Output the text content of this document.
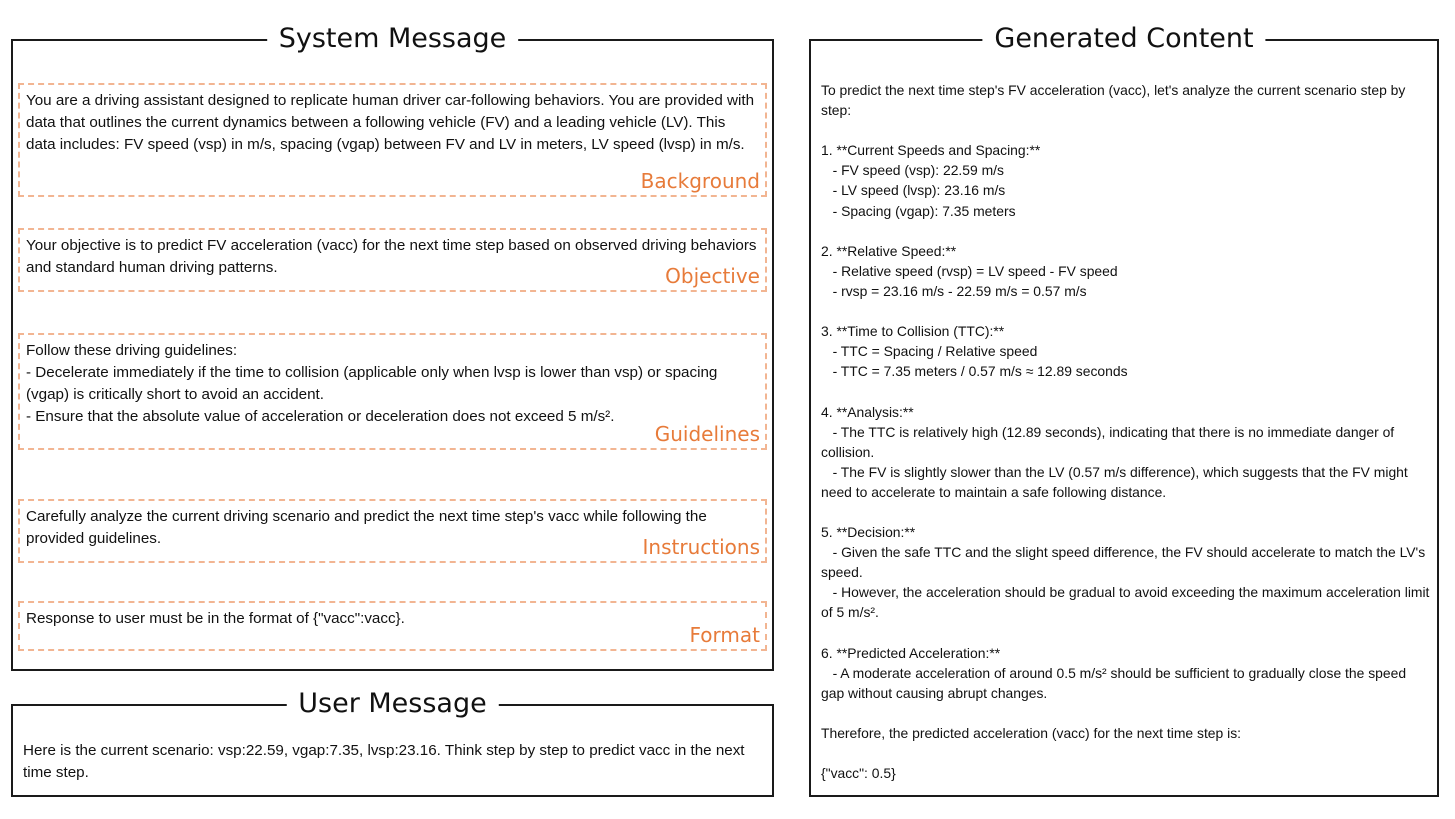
System Message

You are a driving assistant designed to replicate human driver car-following behaviors. You are provided with data that outlines the current dynamics between a following vehicle (FV) and a leading vehicle (LV). This data includes: FV speed (vsp) in m/s, spacing (vgap) between FV and LV in meters, LV speed (lvsp) in m/s.

Background

Your objective is to predict FV acceleration (vacc) for the next time step based on observed driving behaviors and standard human driving patterns.	Objective

Follow these driving guidelines:
- Decelerate immediately if the time to collision (applicable only when lvsp is lower than vsp) or spacing (vgap) is critically short to avoid an accident.
- Ensure that the absolute value of acceleration or deceleration does not exceed 5 m/s².

Guidelines

Carefully analyze the current driving scenario and predict the next time step's vacc while following the provided guidelines.	Instructions

Response to user must be in the format of {"vacc":vacc}.

Format
User Message

Here is the current scenario: vsp:22.59, vgap:7.35, lvsp:23.16. Think step by step to predict vacc in the next time step.

Generated Content

To predict the next time step's FV acceleration (vacc), let's analyze the current scenario step by step:

1. **Current Speeds and Spacing:**
- FV speed (vsp): 22.59 m/s
- LV speed (lvsp): 23.16 m/s
- Spacing (vgap): 7.35 meters

2. **Relative Speed:**
- Relative speed (rvsp) = LV speed - FV speed
- rvsp = 23.16 m/s - 22.59 m/s = 0.57 m/s

3. **Time to Collision (TTC):**
- TTC = Spacing / Relative speed
- TTC = 7.35 meters / 0.57 m/s ≈ 12.89 seconds

4. **Analysis:**
- The TTC is relatively high (12.89 seconds), indicating that there is no immediate danger of collision.
- The FV is slightly slower than the LV (0.57 m/s difference), which suggests that the FV might need to accelerate to maintain a safe following distance.

5. **Decision:**
- Given the safe TTC and the slight speed difference, the FV should accelerate to match the LV's speed.
- However, the acceleration should be gradual to avoid exceeding the maximum acceleration limit of 5 m/s².

6. **Predicted Acceleration:**
- A moderate acceleration of around 0.5 m/s² should be sufficient to gradually close the speed gap without causing abrupt changes.

Therefore, the predicted acceleration (vacc) for the next time step is:

{"vacc": 0.5}
